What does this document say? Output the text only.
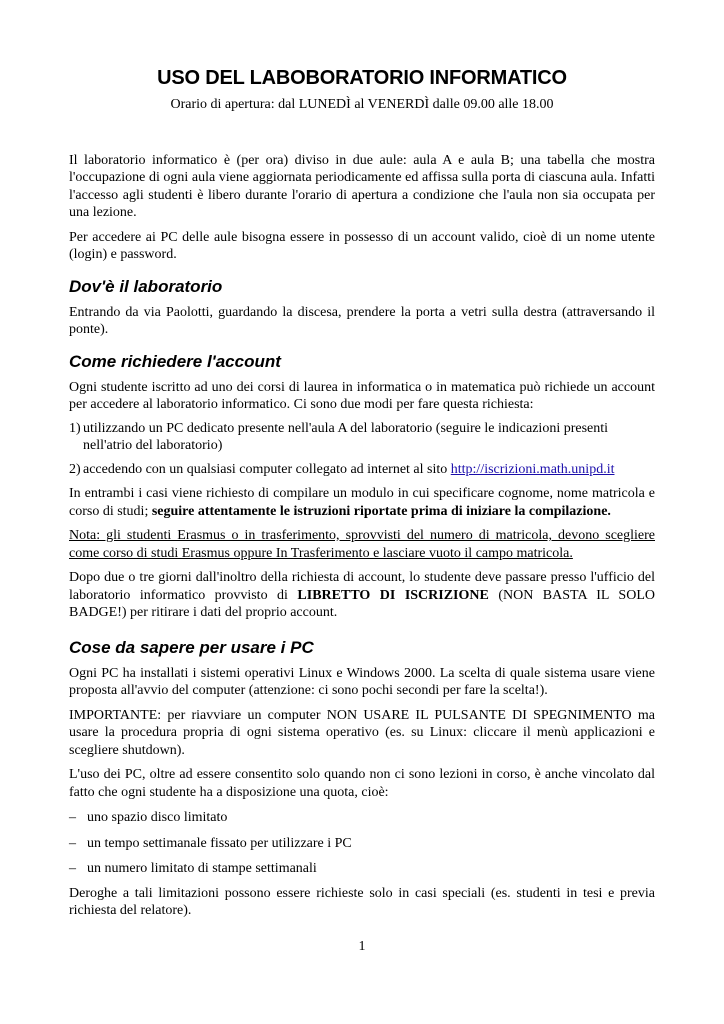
USO DEL LABOBORATORIO INFORMATICO

Orario di apertura: dal LUNEDÌ al VENERDÌ dalle 09.00 alle 18.00

Il laboratorio informatico è (per ora) diviso in due aule: aula A e aula B; una tabella che mostra l'occupazione di ogni aula viene aggiornata periodicamente ed affissa sulla porta di ciascuna aula. Infatti l'accesso agli studenti è libero durante l'orario di apertura a condizione che l'aula non sia occupata per una lezione.

Per accedere ai PC delle aule bisogna essere in possesso di un account valido, cioè di un nome utente (login) e password.

Dov'è il laboratorio

Entrando da via Paolotti, guardando la discesa, prendere la porta a vetri sulla destra (attraversando il ponte).

Come richiedere l'account

Ogni studente iscritto ad uno dei corsi di laurea in informatica o in matematica può richiede un account per accedere al laboratorio informatico. Ci sono due modi per fare questa richiesta:

1) utilizzando un PC dedicato presente nell'aula A del laboratorio (seguire le indicazioni presenti nell'atrio del laboratorio)
2) accedendo con un qualsiasi computer collegato ad internet al sito http://iscrizioni.math.unipd.it

In entrambi i casi viene richiesto di compilare un modulo in cui specificare cognome, nome matricola e corso di studi; seguire attentamente le istruzioni riportate prima di iniziare la compilazione.

Nota: gli studenti Erasmus o in trasferimento, sprovvisti del numero di matricola, devono scegliere come corso di studi Erasmus oppure In Trasferimento e lasciare vuoto il campo matricola.

Dopo due o tre giorni dall'inoltro della richiesta di account, lo studente deve passare presso l'ufficio del laboratorio informatico provvisto di LIBRETTO DI ISCRIZIONE (NON BASTA IL SOLO BADGE!) per ritirare i dati del proprio account.

Cose da sapere per usare i PC

Ogni PC ha installati i sistemi operativi Linux e Windows 2000. La scelta di quale sistema usare viene proposta all'avvio del computer (attenzione: ci sono pochi secondi per fare la scelta!).

IMPORTANTE: per riavviare un computer NON USARE IL PULSANTE DI SPEGNIMENTO ma usare la procedura propria di ogni sistema operativo (es. su Linux: cliccare il menù applicazioni e scegliere shutdown).

L'uso dei PC, oltre ad essere consentito solo quando non ci sono lezioni in corso, è anche vincolato dal fatto che ogni studente ha a disposizione una quota, cioè:

– uno spazio disco limitato
– un tempo settimanale fissato per utilizzare i PC
– un numero limitato di stampe settimanali

Deroghe a tali limitazioni possono essere richieste solo in casi speciali (es. studenti in tesi e previa richiesta del relatore).

1
